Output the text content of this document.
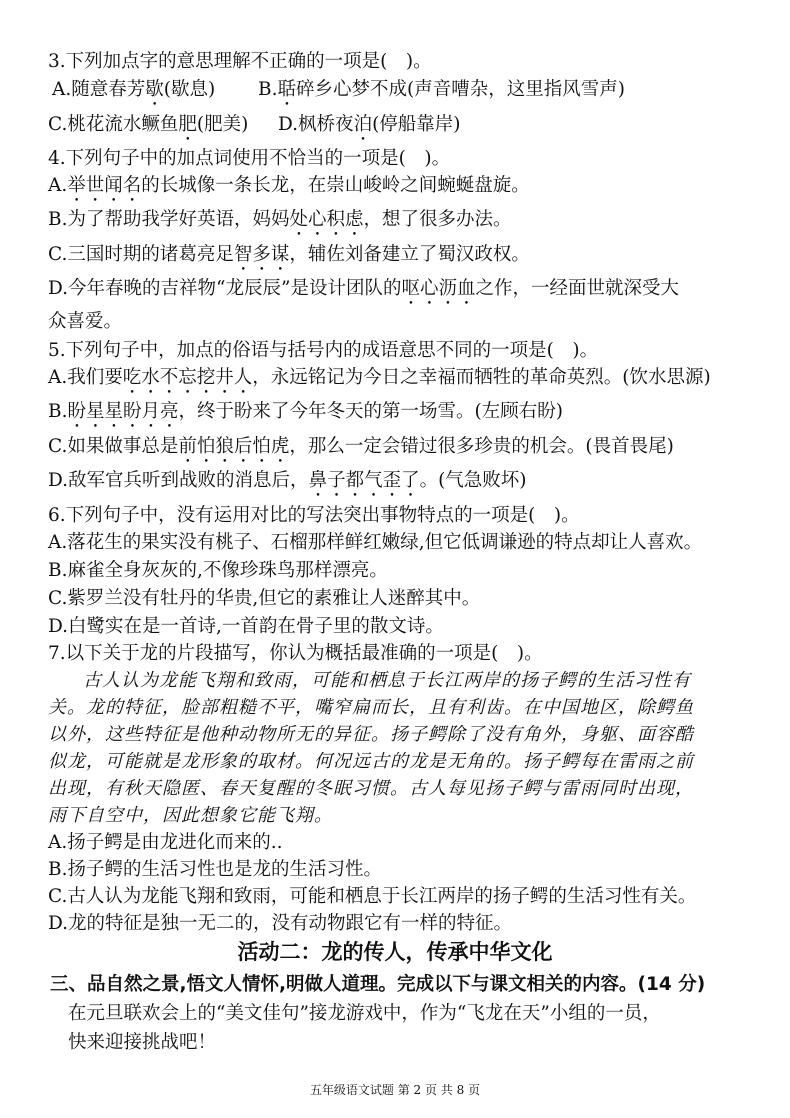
3.下列加点字的意思理解不正确的一项是(　)。
A.随意春芳歇(歇息) B.聒碎乡心梦不成(声音嘈杂，这里指风雪声)
C.桃花流水鳜鱼肥(肥美) D.枫桥夜泊(停船靠岸)
4.下列句子中的加点词使用不恰当的一项是(　)。
A.举世闻名的长城像一条长龙，在崇山峻岭之间蜿蜒盘旋。
B.为了帮助我学好英语，妈妈处心积虑，想了很多办法。
C.三国时期的诸葛亮足智多谋，辅佐刘备建立了蜀汉政权。
D.今年春晚的吉祥物“龙辰辰”是设计团队的呕心沥血之作，一经面世就深受大
众喜爱。
5.下列句子中，加点的俗语与括号内的成语意思不同的一项是(　)。
A.我们要吃水不忘挖井人，永远铭记为今日之幸福而牺牲的革命英烈。(饮水思源)
B.盼星星盼月亮，终于盼来了今年冬天的第一场雪。(左顾右盼)
C.如果做事总是前怕狼后怕虎，那么一定会错过很多珍贵的机会。(畏首畏尾)
D.敌军官兵听到战败的消息后，鼻子都气歪了。(气急败坏)
6.下列句子中，没有运用对比的写法突出事物特点的一项是(　)。
A.落花生的果实没有桃子、石榴那样鲜红嫩绿,但它低调谦逊的特点却让人喜欢。
B.麻雀全身灰灰的,不像珍珠鸟那样漂亮。
C.紫罗兰没有牡丹的华贵,但它的素雅让人迷醉其中。
D.白鹭实在是一首诗,一首韵在骨子里的散文诗。
7.以下关于龙的片段描写，你认为概括最准确的一项是(　)。
　古人认为龙能飞翔和致雨，可能和栖息于长江两岸的扬子鳄的生活习性有
关。龙的特征，脸部粗糙不平，嘴窄扁而长，且有利齿。在中国地区，除鳄鱼
以外，这些特征是他种动物所无的异征。扬子鳄除了没有角外，身躯、面容酷
似龙，可能就是龙形象的取材。何况远古的龙是无角的。扬子鳄每在雷雨之前
出现，有秋天隐匿、春天复醒的冬眠习惯。古人每见扬子鳄与雷雨同时出现，
雨下自空中，因此想象它能飞翔。
A.扬子鳄是由龙进化而来的..
B.扬子鳄的生活习性也是龙的生活习性。
C.古人认为龙能飞翔和致雨，可能和栖息于长江两岸的扬子鳄的生活习性有关。
D.龙的特征是独一无二的，没有动物跟它有一样的特征。
活动二：龙的传人，传承中华文化
三、品自然之景,悟文人情怀,明做人道理。完成以下与课文相关的内容。(14 分)
在元旦联欢会上的“美文佳句”接龙游戏中，作为“飞龙在天”小组的一员，
快来迎接挑战吧！
五年级语文试题 第 2 页 共 8 页
